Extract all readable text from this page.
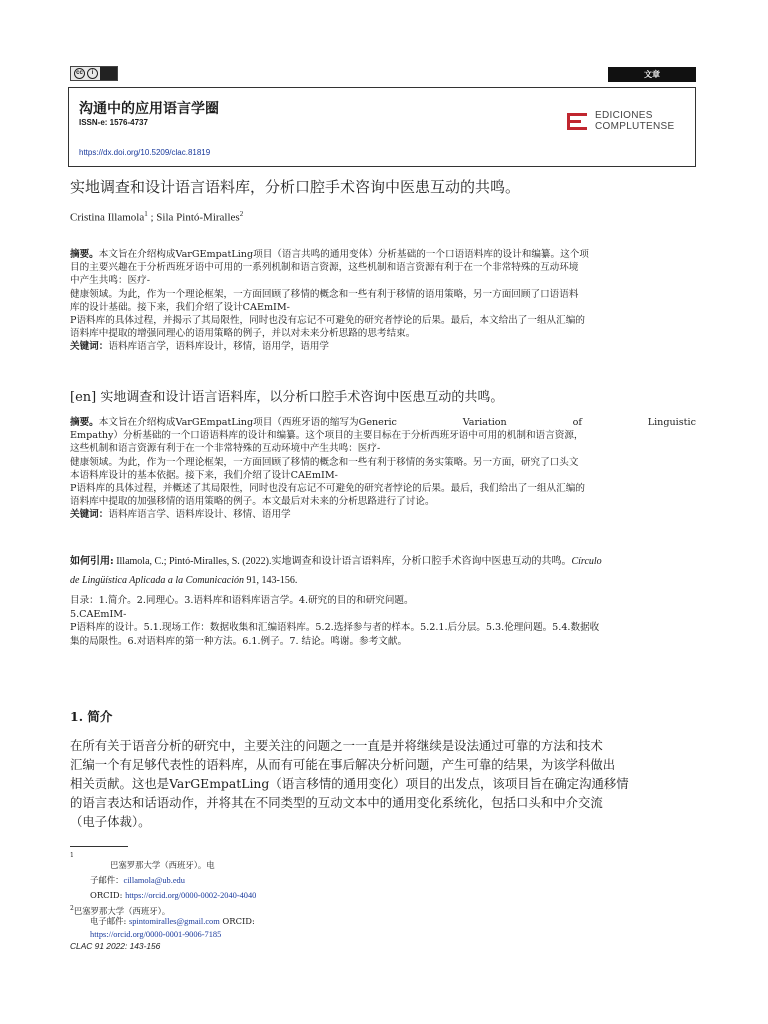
cc	i	文章
沟通中的应用语言学圈
ISSN-e: 1576-4737
https://dx.doi.org/10.5209/clac.81819
EDICIONES
COMPLUTENSE
实地调查和设计语言语料库，分析口腔手术咨询中医患互动的共鸣。
Cristina Illamola$^1$ ; Sila Pintó-Miralles$^2$
摘要。本文旨在介绍构成VarGEmpatLing项目（语言共鸣的通用变体）分析基础的一个口语语料库的设计和编纂。这个项
目的主要兴趣在于分析西班牙语中可用的一系列机制和语言资源，这些机制和语言资源有利于在一个非常特殊的互动环境
中产生共鸣：医疗-
健康领域。为此，作为一个理论框架，一方面回顾了移情的概念和一些有利于移情的语用策略，另一方面回顾了口语语料
库的设计基础。接下来，我们介绍了设计CAEmIM-
P语料库的具体过程，并揭示了其局限性，同时也没有忘记不可避免的研究者悖论的后果。最后，本文给出了一组从汇编的
语料库中提取的增强同理心的语用策略的例子，并以对未来分析思路的思考结束。
关键词：语料库语言学，语料库设计，移情，语用学，语用学
[en] 实地调查和设计语言语料库，以分析口腔手术咨询中医患互动的共鸣。
摘要。本文旨在介绍构成VarGEmpatLing项目（西班牙语的缩写为Generic	Variation	of	Linguistic
Empathy）分析基础的一个口语语料库的设计和编纂。这个项目的主要目标在于分析西班牙语中可用的机制和语言资源，
这些机制和语言资源有利于在一个非常特殊的互动环境中产生共鸣：医疗-
健康领域。为此，作为一个理论框架，一方面回顾了移情的概念和一些有利于移情的务实策略。另一方面，研究了口头文
本语料库设计的基本依据。接下来，我们介绍了设计CAEmIM-
P语料库的具体过程，并概述了其局限性，同时也没有忘记不可避免的研究者悖论的后果。最后，我们给出了一组从汇编的
语料库中提取的加强移情的语用策略的例子。本文最后对未来的分析思路进行了讨论。
关键词：语料库语言学、语料库设计、移情、语用学
如何引用: Illamola, C.; Pintó-Miralles, S. (2022).实地调查和设计语言语料库，分析口腔手术咨询中医患互动的共鸣。Círculo
de Lingüística Aplicada a la Comunicación 91, 143-156.
目录：1.简介。2.同理心。3.语料库和语料库语言学。4.研究的目的和研究问题。
5.CAEmIM-
P语料库的设计。5.1.现场工作：数据收集和汇编语料库。5.2.选择参与者的样本。5.2.1.后分层。5.3.伦理问题。5.4.数据收
集的局限性。6.对语料库的第一种方法。6.1.例子。7. 结论。鸣谢。参考文献。
1. 简介
在所有关于语音分析的研究中，主要关注的问题之一一直是并将继续是设法通过可靠的方法和技术
汇编一个有足够代表性的语料库，从而有可能在事后解决分析问题，产生可靠的结果，为该学科做出
相关贡献。这也是VarGEmpatLing（语言移情的通用变化）项目的出发点，该项目旨在确定沟通移情
的语言表达和话语动作，并将其在不同类型的互动文本中的通用变化系统化，包括口头和中介交流
（电子体裁）。
1
巴塞罗那大学（西班牙）。电
子邮件：cillamola@ub.edu
ORCID: https://orcid.org/0000-0002-2040-4040
$^2$巴塞罗那大学（西班牙）。
电子邮件: spintomiralles@gmail.com ORCID:
https://orcid.org/0000-0001-9006-7185
CLAC 91 2022: 143-156
